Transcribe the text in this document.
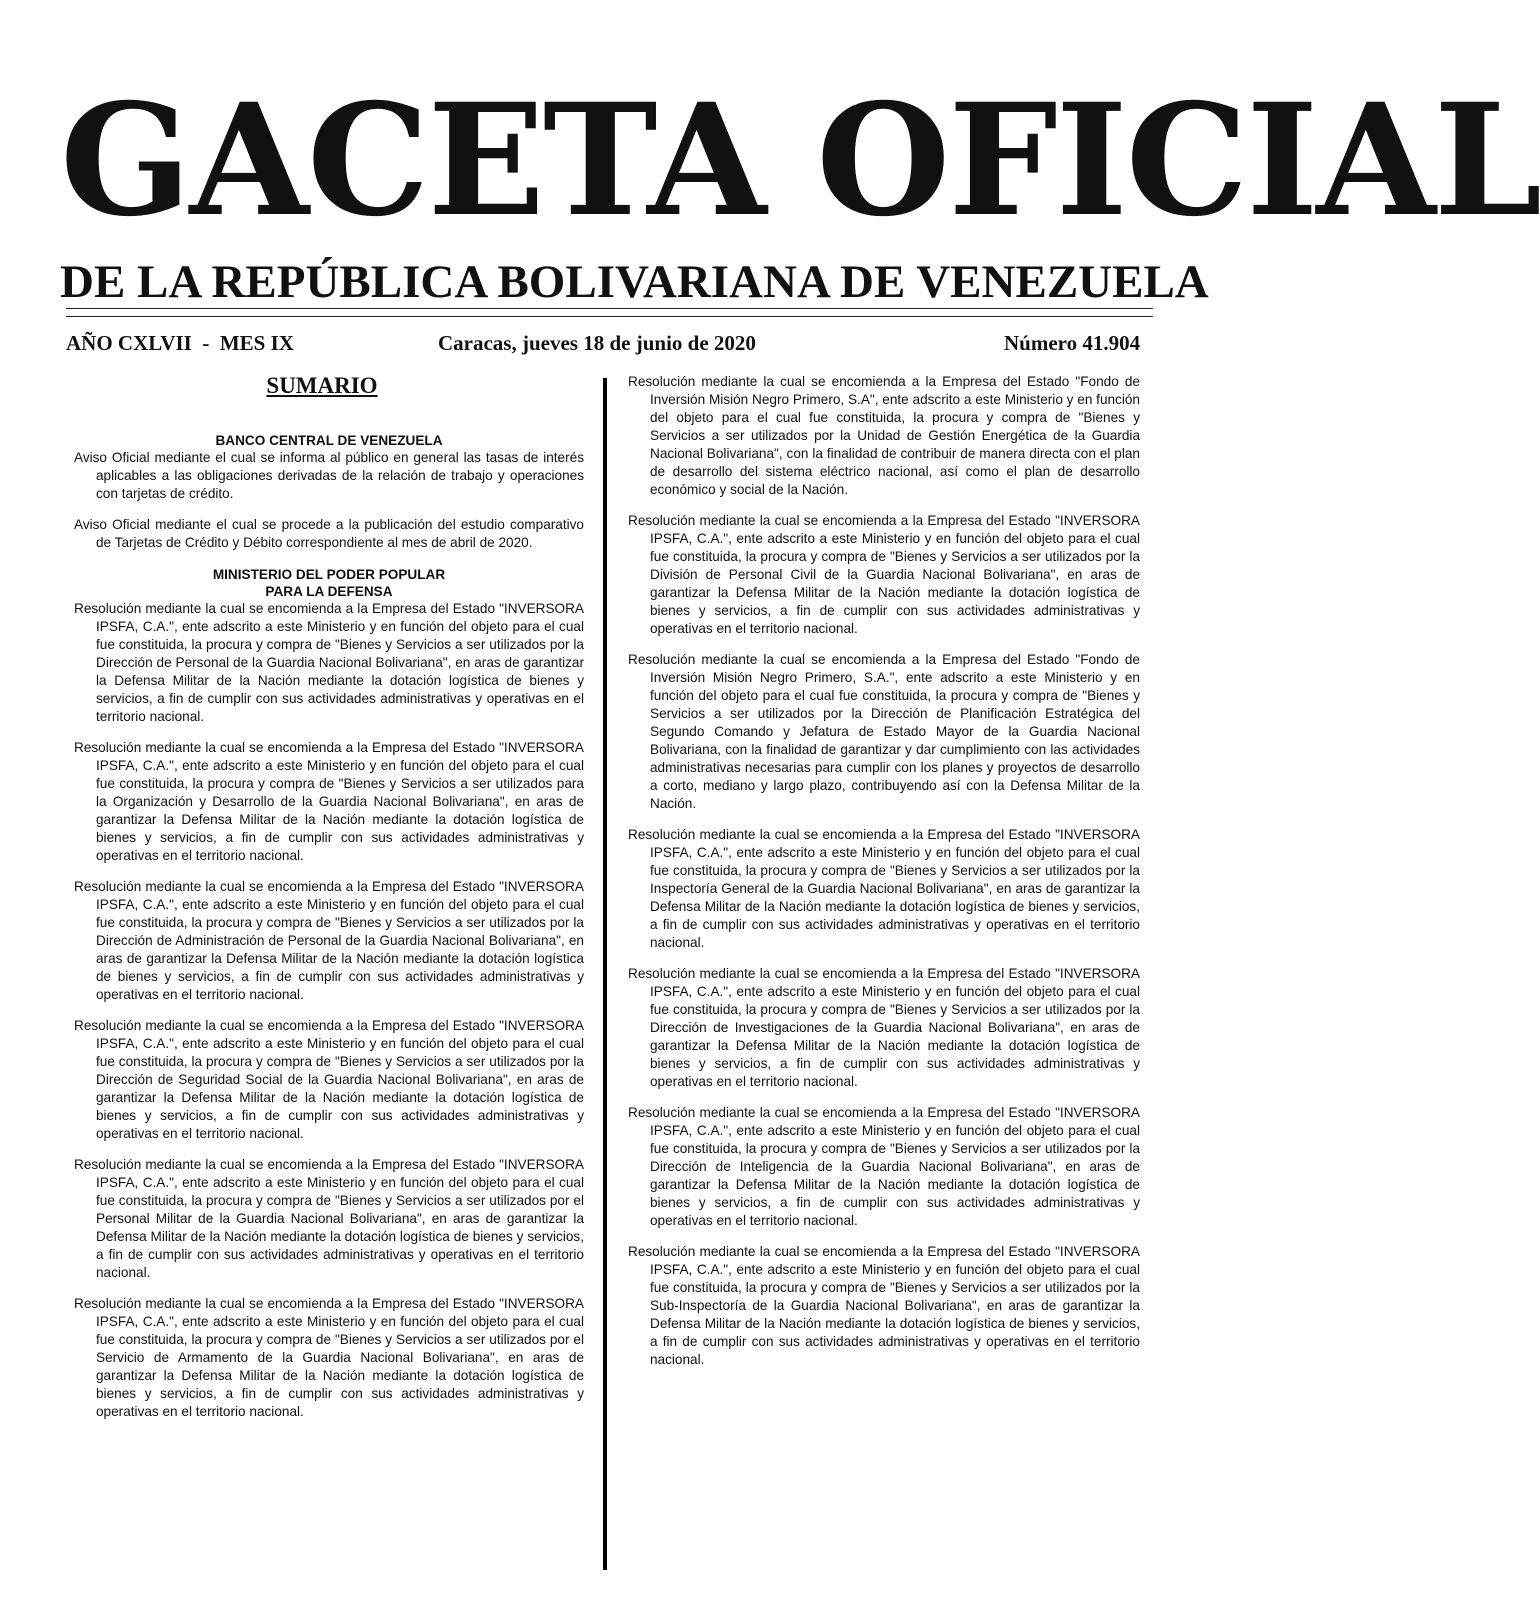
GACETA OFICIAL
DE LA REPÚBLICA BOLIVARIANA DE VENEZUELA
AÑO CXLVII  -  MES IX	Caracas, jueves 18 de junio de 2020	Número 41.904
SUMARIO

BANCO CENTRAL DE VENEZUELA

Aviso Oficial mediante el cual se informa al público en general las tasas de interés aplicables a las obligaciones derivadas de la relación de trabajo y operaciones con tarjetas de crédito.

Aviso Oficial mediante el cual se procede a la publicación del estudio comparativo de Tarjetas de Crédito y Débito correspondiente al mes de abril de 2020.

MINISTERIO DEL PODER POPULAR

PARA LA DEFENSA

Resolución mediante la cual se encomienda a la Empresa del Estado "INVERSORA IPSFA, C.A.", ente adscrito a este Ministerio y en función del objeto para el cual fue constituida, la procura y compra de "Bienes y Servicios a ser utilizados por la Dirección de Personal de la Guardia Nacional Bolivariana", en aras de garantizar la Defensa Militar de la Nación mediante la dotación logística de bienes y servicios, a fin de cumplir con sus actividades administrativas y operativas en el territorio nacional.

Resolución mediante la cual se encomienda a la Empresa del Estado "INVERSORA IPSFA, C.A.", ente adscrito a este Ministerio y en función del objeto para el cual fue constituida, la procura y compra de "Bienes y Servicios a ser utilizados para la Organización y Desarrollo de la Guardia Nacional Bolivariana", en aras de garantizar la Defensa Militar de la Nación mediante la dotación logística de bienes y servicios, a fin de cumplir con sus actividades administrativas y operativas en el territorio nacional.

Resolución mediante la cual se encomienda a la Empresa del Estado "INVERSORA IPSFA, C.A.", ente adscrito a este Ministerio y en función del objeto para el cual fue constituida, la procura y compra de "Bienes y Servicios a ser utilizados por la Dirección de Administración de Personal de la Guardia Nacional Bolivariana", en aras de garantizar la Defensa Militar de la Nación mediante la dotación logística de bienes y servicios, a fin de cumplir con sus actividades administrativas y operativas en el territorio nacional.

Resolución mediante la cual se encomienda a la Empresa del Estado "INVERSORA IPSFA, C.A.", ente adscrito a este Ministerio y en función del objeto para el cual fue constituida, la procura y compra de "Bienes y Servicios a ser utilizados por la Dirección de Seguridad Social de la Guardia Nacional Bolivariana", en aras de garantizar la Defensa Militar de la Nación mediante la dotación logística de bienes y servicios, a fin de cumplir con sus actividades administrativas y operativas en el territorio nacional.

Resolución mediante la cual se encomienda a la Empresa del Estado "INVERSORA IPSFA, C.A.", ente adscrito a este Ministerio y en función del objeto para el cual fue constituida, la procura y compra de "Bienes y Servicios a ser utilizados por el Personal Militar de la Guardia Nacional Bolivariana", en aras de garantizar la Defensa Militar de la Nación mediante la dotación logística de bienes y servicios, a fin de cumplir con sus actividades administrativas y operativas en el territorio nacional.

Resolución mediante la cual se encomienda a la Empresa del Estado "INVERSORA IPSFA, C.A.", ente adscrito a este Ministerio y en función del objeto para el cual fue constituida, la procura y compra de "Bienes y Servicios a ser utilizados por el Servicio de Armamento de la Guardia Nacional Bolivariana", en aras de garantizar la Defensa Militar de la Nación mediante la dotación logística de bienes y servicios, a fin de cumplir con sus actividades administrativas y operativas en el territorio nacional.

Resolución mediante la cual se encomienda a la Empresa del Estado "Fondo de Inversión Misión Negro Primero, S.A", ente adscrito a este Ministerio y en función del objeto para el cual fue constituida, la procura y compra de "Bienes y Servicios a ser utilizados por la Unidad de Gestión Energética de la Guardia Nacional Bolivariana", con la finalidad de contribuir de manera directa con el plan de desarrollo del sistema eléctrico nacional, así como el plan de desarrollo económico y social de la Nación.

Resolución mediante la cual se encomienda a la Empresa del Estado "INVERSORA IPSFA, C.A.", ente adscrito a este Ministerio y en función del objeto para el cual fue constituida, la procura y compra de "Bienes y Servicios a ser utilizados por la División de Personal Civil de la Guardia Nacional Bolivariana", en aras de garantizar la Defensa Militar de la Nación mediante la dotación logística de bienes y servicios, a fin de cumplir con sus actividades administrativas y operativas en el territorio nacional.

Resolución mediante la cual se encomienda a la Empresa del Estado "Fondo de Inversión Misión Negro Primero, S.A.", ente adscrito a este Ministerio y en función del objeto para el cual fue constituida, la procura y compra de "Bienes y Servicios a ser utilizados por la Dirección de Planificación Estratégica del Segundo Comando y Jefatura de Estado Mayor de la Guardia Nacional Bolivariana, con la finalidad de garantizar y dar cumplimiento con las actividades administrativas necesarias para cumplir con los planes y proyectos de desarrollo a corto, mediano y largo plazo, contribuyendo así con la Defensa Militar de la Nación.

Resolución mediante la cual se encomienda a la Empresa del Estado "INVERSORA IPSFA, C.A.", ente adscrito a este Ministerio y en función del objeto para el cual fue constituida, la procura y compra de "Bienes y Servicios a ser utilizados por la Inspectoría General de la Guardia Nacional Bolivariana", en aras de garantizar la Defensa Militar de la Nación mediante la dotación logística de bienes y servicios, a fin de cumplir con sus actividades administrativas y operativas en el territorio nacional.

Resolución mediante la cual se encomienda a la Empresa del Estado "INVERSORA IPSFA, C.A.", ente adscrito a este Ministerio y en función del objeto para el cual fue constituida, la procura y compra de "Bienes y Servicios a ser utilizados por la Dirección de Investigaciones de la Guardia Nacional Bolivariana", en aras de garantizar la Defensa Militar de la Nación mediante la dotación logística de bienes y servicios, a fin de cumplir con sus actividades administrativas y operativas en el territorio nacional.

Resolución mediante la cual se encomienda a la Empresa del Estado "INVERSORA IPSFA, C.A.", ente adscrito a este Ministerio y en función del objeto para el cual fue constituida, la procura y compra de "Bienes y Servicios a ser utilizados por la Dirección de Inteligencia de la Guardia Nacional Bolivariana", en aras de garantizar la Defensa Militar de la Nación mediante la dotación logística de bienes y servicios, a fin de cumplir con sus actividades administrativas y operativas en el territorio nacional.

Resolución mediante la cual se encomienda a la Empresa del Estado "INVERSORA IPSFA, C.A.", ente adscrito a este Ministerio y en función del objeto para el cual fue constituida, la procura y compra de "Bienes y Servicios a ser utilizados por la Sub-Inspectoría de la Guardia Nacional Bolivariana", en aras de garantizar la Defensa Militar de la Nación mediante la dotación logística de bienes y servicios, a fin de cumplir con sus actividades administrativas y operativas en el territorio nacional.
